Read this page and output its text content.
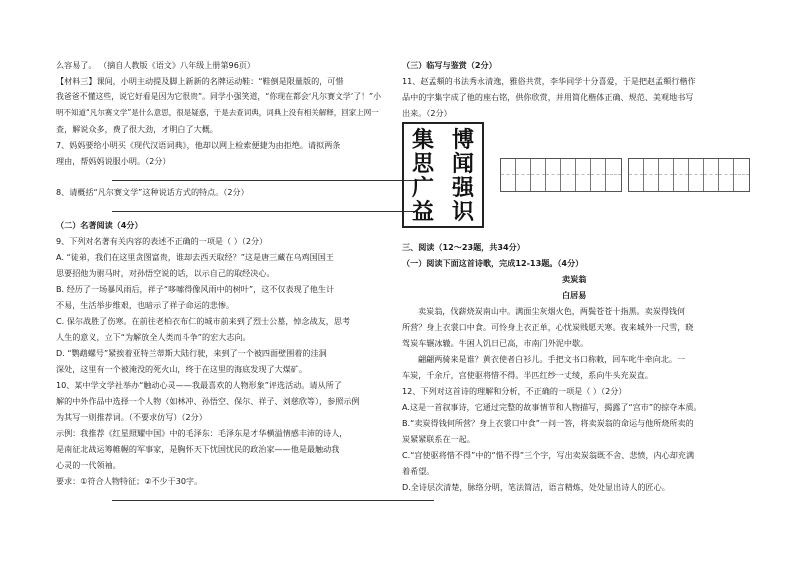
么容易了。 （摘自人教版《语文》八年级上册第96页）
【材料三】课间，小明主动提及脚上新新的名牌运动鞋：“鞋倒是限量版的，可惜
我爸爸不懂这些，说它好看是因为它很贵”。同学小强笑道，“你现在都会‘凡尔赛文学’了！”小
明不知道“凡尔赛文学”是什么意思，很是疑惑，于是去查词典，词典上没有相关解释，回家上网一
查，解说众多，费了很大劲，才明白了大概。
7、妈妈要给小明买《现代汉语词典》，他却以网上检索便捷为由拒绝。请拟两条
理由，帮妈妈说服小明。（2分）
8、请概括“凡尔赛文学”这种说话方式的特点。（2分）
（二）名著阅读（4分）
9、下列对名著有关内容的表述不正确的一项是（ ）（2分）
A. “徒弟，我们在这里贪图富贵，谁却去西天取经？”这是唐三藏在乌鸡国国王
思要招他为驸马时，对孙悟空说的话，以示自己的取经决心。
B. 经历了一场暴风雨后，祥子“哆嗦得像风雨中的树叶”，这不仅表现了他生计
不易，生活举步维艰，也暗示了祥子命运的悲惨。
C. 保尔战胜了伤寒。在前往老柏衣布仁的城市前来到了烈士公墓，悼念战友，思考
人生的意义，立下“为解放全人类而斗争”的宏大志向。
D. “鹦鹉螺号”紧挨着亚特兰蒂斯大陆行驶，来到了一个被四面壁围着的洼洞
深处，这里有一个被淹没的死火山，终于在这里的海底发现了大煤矿。
10、某中学文学社举办“触动心灵——我最喜欢的人物形象”评选活动。请从所了
解的中外作品中选择一个人物（如林冲、孙悟空、保尔、祥子、刘慈欣等），参照示例
为其写一则推荐词。（不要求仿写）（2分）
示例：我推荐《红星照耀中国》中的毛泽东：毛泽东是才华横溢情感丰沛的诗人，
是南征北战运筹帷幄的军事家，是胸怀天下忧国忧民的政治家——他是最触动我
心灵的一代领袖。
要求：①符合人物特征；②不少于30字。
（三）临写与鉴赏（2分）
11、赵孟頫的书法秀永清逸，雅俗共赏，李华同学十分喜爱，于是把赵孟頫行楷作
品中的字集字成了他的座右铭，供你欣赏，并用简化楷体正确、规范、美观地书写
出来。（2分）
博
闻
强
识
集
思
广
益
三、阅读（12～23题，共34分）
（一）阅读下面这首诗歌，完成12-13题。（4分）
卖炭翁
白居易
卖炭翁，伐薪烧炭南山中。满面尘灰烟火色，两鬓苍苍十指黑。卖炭得钱何
所营？身上衣裳口中食。可怜身上衣正单，心忧炭贱愿天寒。夜来城外一尺雪，晓
驾炭车辗冰辙。牛困人饥日已高，市南门外泥中歇。
翩翩两骑来是谁？黄衣使者白衫儿。手把文书口称敕，回车叱牛牵向北。一
车炭，千余斤，宫使驱将惜不得。半匹红纱一丈绫，系向牛头充炭直。
12、下列对这首诗的理解和分析，不正确的一项是（ ）（2分）
A.这是一首叙事诗，它通过完整的故事情节和人物描写，揭露了“宫市”的掠夺本质。
B.“卖炭得钱何所营？身上衣裳口中食”一问一答，将卖炭翁的命运与他所烧所卖的
炭紧紧联系在一起。
C.“宫使驱将惜不得”中的“惜不得”三个字，写出卖炭翁既不舍、悲愤，内心却充满
着希望。
D.全诗层次清楚，脉络分明，笔法简洁，语言精炼，处处显出诗人的匠心。
